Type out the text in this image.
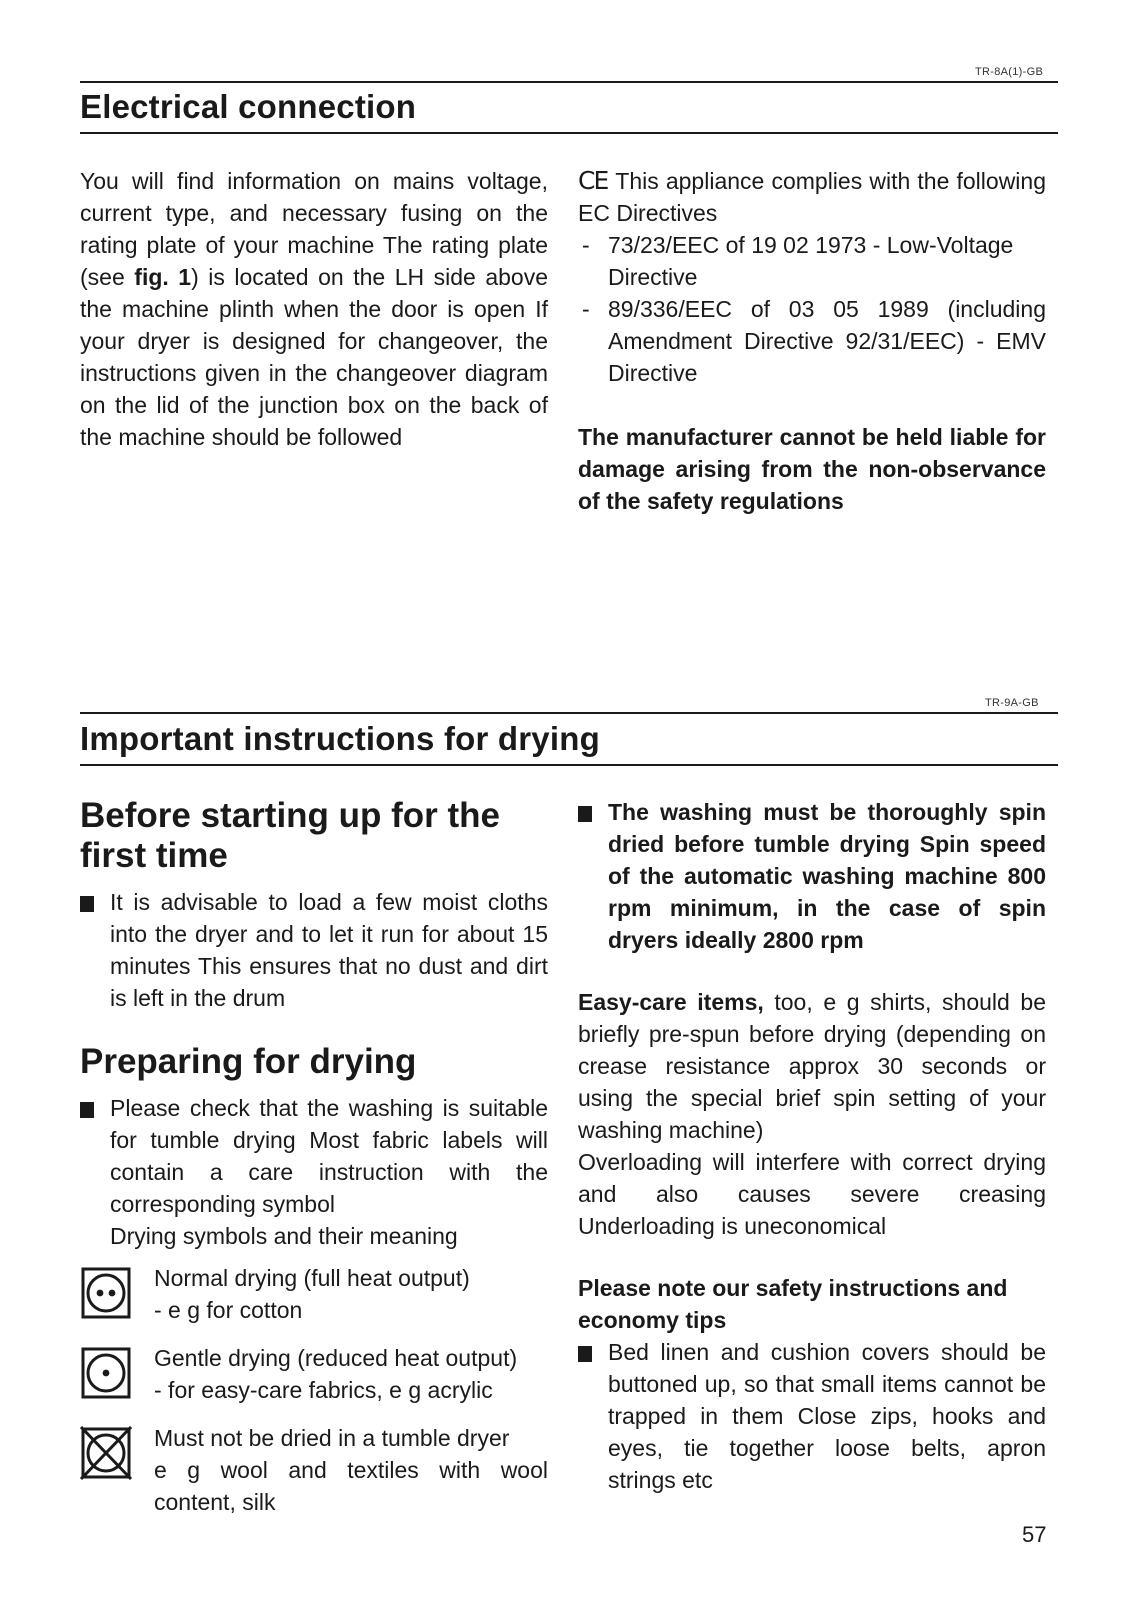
TR-8A(1)-GB
Electrical connection
You will find information on mains voltage, current type, and necessary fusing on the rating plate of your machine The rating plate (see fig. 1) is located on the LH side above the machine plinth when the door is open If your dryer is designed for changeover, the instructions given in the changeover diagram on the lid of the junction box on the back of the machine should be followed

CE This appliance complies with the following EC Directives

- 73/23/EEC of 19 02 1973 - Low-Voltage Directive
- 89/336/EEC of 03 05 1989 (including Amendment Directive 92/31/EEC) - EMV Directive

The manufacturer cannot be held liable for damage arising from the non-observance of the safety regulations

TR-9A-GB
Important instructions for drying
Before starting up for the first time
It is advisable to load a few moist cloths into the dryer and to let it run for about 15 minutes This ensures that no dust and dirt is left in the drum
Preparing for drying
Please check that the washing is suitable for tumble drying Most fabric labels will contain a care instruction with the corresponding symbol

Drying symbols and their meaning

Normal drying (full heat output)

- e g for cotton

Gentle drying (reduced heat output)

- for easy-care fabrics, e g acrylic

Must not be dried in a tumble dryer

e g wool and textiles with wool content, silk

The washing must be thoroughly spin dried before tumble drying Spin speed of the automatic washing machine 800 rpm minimum, in the case of spin dryers ideally 2800 rpm

Easy-care items, too, e g shirts, should be briefly pre-spun before drying (depending on crease resistance approx 30 seconds or using the special brief spin setting of your washing machine)

Overloading will interfere with correct drying and also causes severe creasing Underloading is uneconomical

Please note our safety instructions and economy tips

Bed linen and cushion covers should be buttoned up, so that small items cannot be trapped in them Close zips, hooks and eyes, tie together loose belts, apron strings etc
57
